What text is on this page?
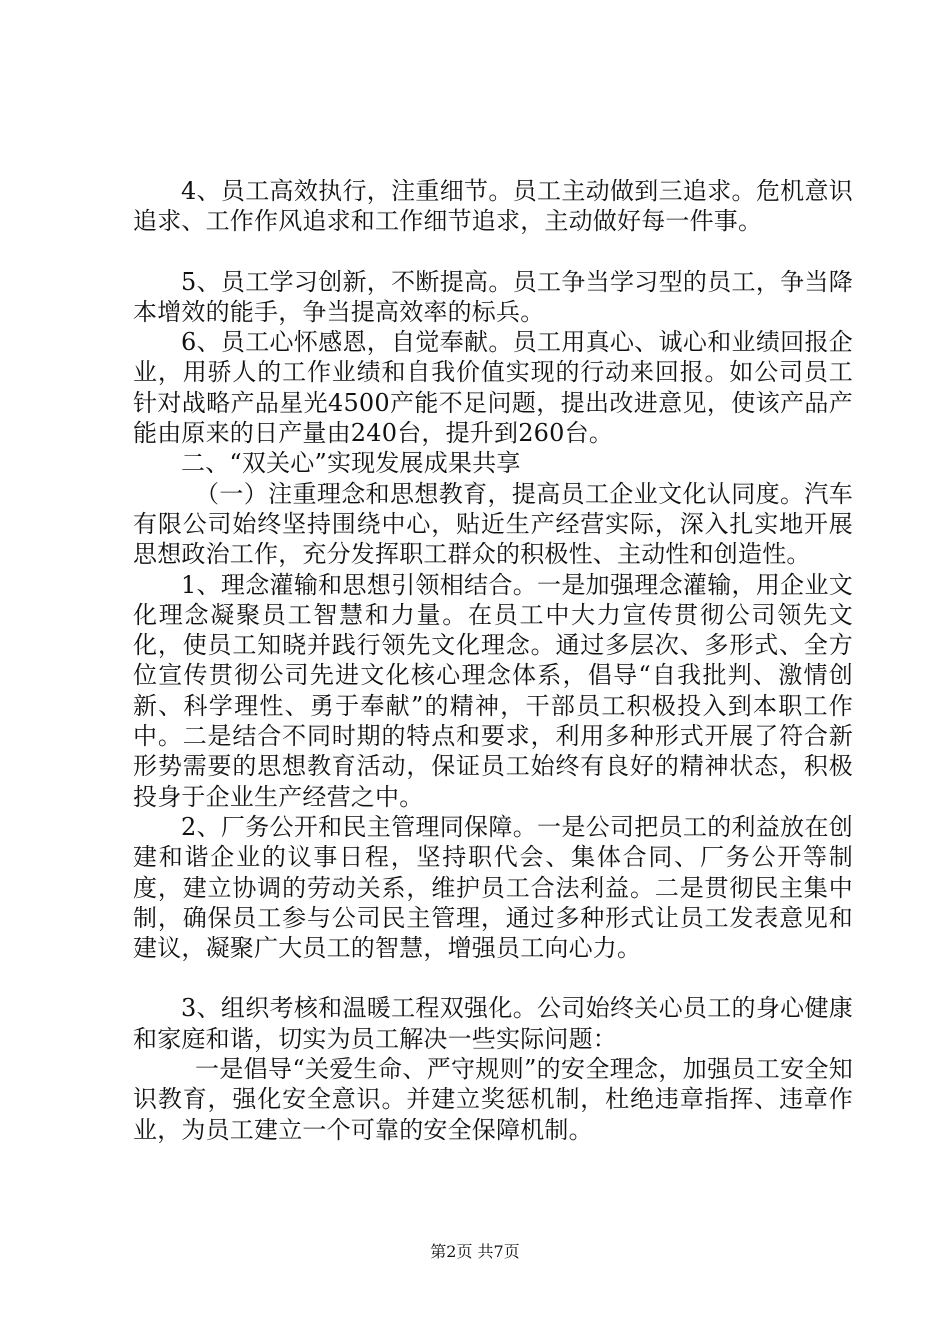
4、员工高效执行，注重细节。员工主动做到三追求。危机意识追求、工作作风追求和工作细节追求，主动做好每一件事。

5、员工学习创新，不断提高。员工争当学习型的员工，争当降本增效的能手，争当提高效率的标兵。

6、员工心怀感恩，自觉奉献。员工用真心、诚心和业绩回报企业，用骄人的工作业绩和自我价值实现的行动来回报。如公司员工针对战略产品星光4500产能不足问题，提出改进意见，使该产品产能由原来的日产量由240台，提升到260台。

二、“双关心”实现发展成果共享

（一）注重理念和思想教育，提高员工企业文化认同度。汽车有限公司始终坚持围绕中心，贴近生产经营实际，深入扎实地开展思想政治工作，充分发挥职工群众的积极性、主动性和创造性。

1、理念灌输和思想引领相结合。一是加强理念灌输，用企业文化理念凝聚员工智慧和力量。在员工中大力宣传贯彻公司领先文化，使员工知晓并践行领先文化理念。通过多层次、多形式、全方位宣传贯彻公司先进文化核心理念体系，倡导“自我批判、激情创新、科学理性、勇于奉献”的精神，干部员工积极投入到本职工作中。二是结合不同时期的特点和要求，利用多种形式开展了符合新形势需要的思想教育活动，保证员工始终有良好的精神状态，积极投身于企业生产经营之中。

2、厂务公开和民主管理同保障。一是公司把员工的利益放在创建和谐企业的议事日程，坚持职代会、集体合同、厂务公开等制度，建立协调的劳动关系，维护员工合法利益。二是贯彻民主集中制，确保员工参与公司民主管理，通过多种形式让员工发表意见和建议，凝聚广大员工的智慧，增强员工向心力。

3、组织考核和温暖工程双强化。公司始终关心员工的身心健康和家庭和谐，切实为员工解决一些实际问题：

一是倡导“关爱生命、严守规则”的安全理念，加强员工安全知识教育，强化安全意识。并建立奖惩机制，杜绝违章指挥、违章作业，为员工建立一个可靠的安全保障机制。

第2页 共7页
